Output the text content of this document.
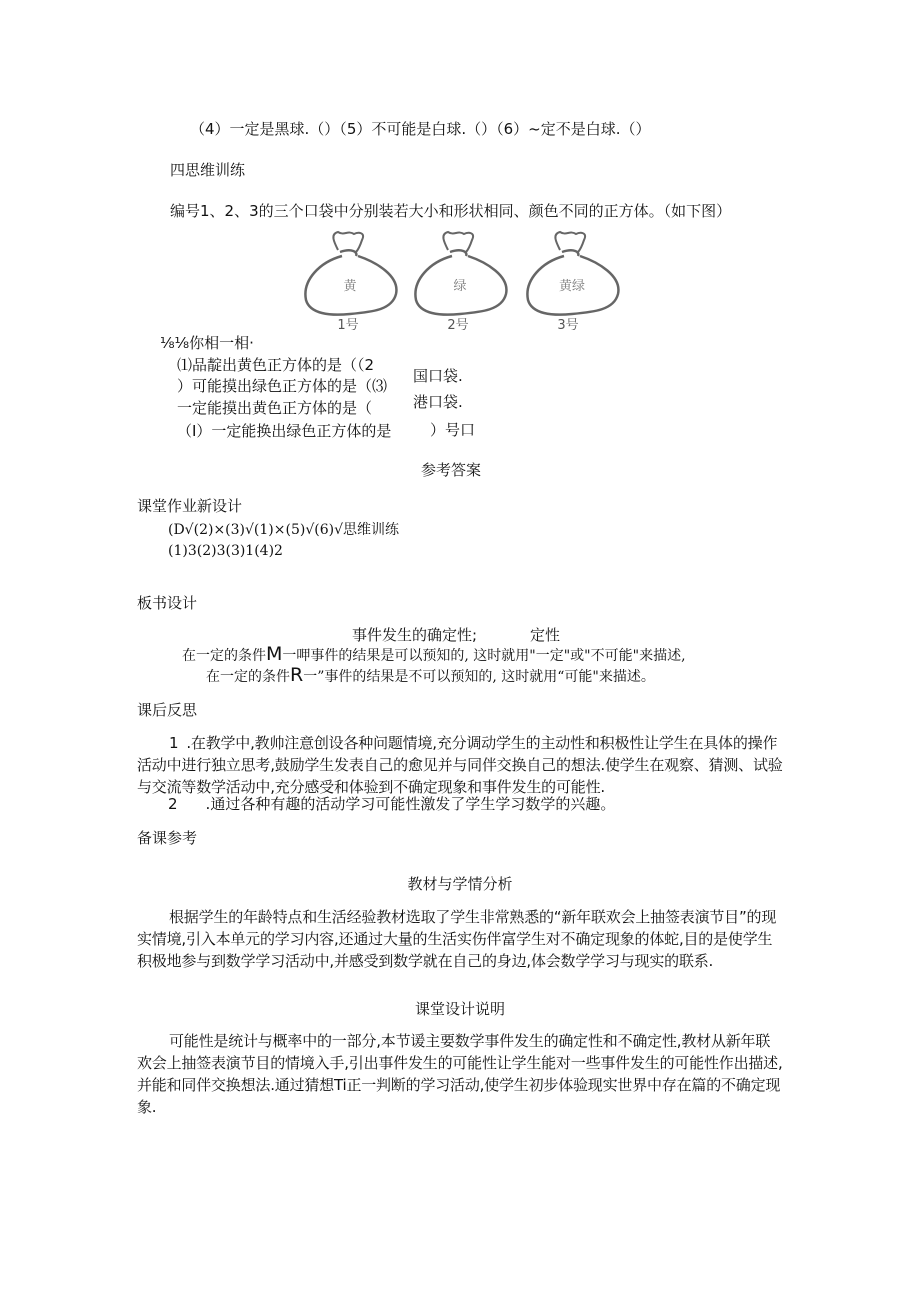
（4）一定是黑球.（）（5）不可能是白球.（）（6）~定不是白球.（）
四思维训练
编号1、2、3的三个口袋中分别装若大小和形状相同、颜色不同的正方体。（如下图）
黄
1号
绿
2号
黄绿
3号
⅛⅛你相一相·
⑴品靛出黄色正方体的是（（2
）可能摸出绿色正方体的是（⑶
一定能摸出黄色正方体的是（
（I）一定能换出绿色正方体的是
国口袋.
港口袋.
）号口
参考答案
课堂作业新设计
(D√(2)×(3)√(1)×(5)√(6)√思维训练
(1)3(2)3(3)1(4)2
板书设计
事件发生的确定性;	定性
在一定的条件M一呷事件的结果是可以预知的, 这时就用"一定"或"不可能"来描述,
在一定的条件R一”事件的结果是不可以预知的, 这时就用“可能"来描述。
课后反思

1 .在教学中,教帅注意创设各种问题情境,充分调动学生的主动性和积极性让学生在具体的操作活动中进行独立思考,鼓励学生发表自己的愈见并与同伴交换自己的想法.使学生在观察、猜测、试验与交流等数学活动中,充分感受和体验到不确定现象和事件发生的可能性.

2 .通过各种有趣的活动学习可能性激发了学生学习数学的兴趣。
备课参考
教材与学情分析

根据学生的年龄特点和生活经验教材选取了学生非常熟悉的“新年联欢会上抽签表演节目”的现实情境,引入本单元的学习内容,还通过大量的生活实伤伴富学生对不确定现象的体蛇,目的是使学生积极地参与到数学学习活动中,并感受到数学就在自己的身边,体会数学学习与现实的联系.

课堂设计说明

可能性是统计与概率中的一部分,本节谖主要数学事件发生的确定性和不确定性,教材从新年联欢会上抽签表演节目的情境入手,引出事件发生的可能性让学生能对一些事件发生的可能性作出描述,并能和同伴交换想法.通过猜想Ti正一判断的学习活动,使学生初步体验现实世界中存在篇的不确定现象.
